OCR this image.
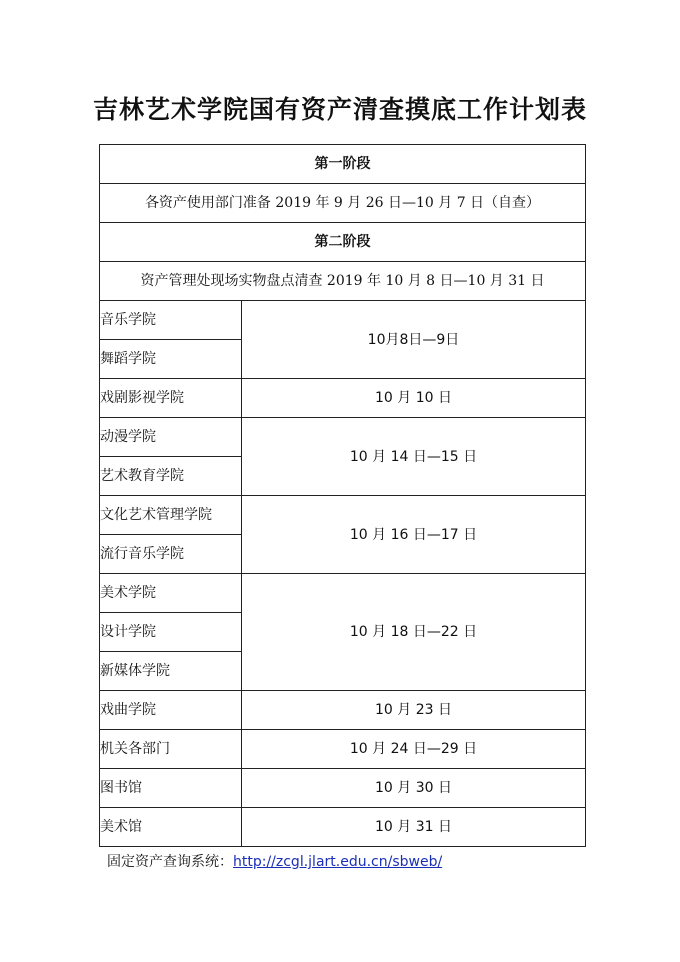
吉林艺术学院国有资产清查摸底工作计划表
第一阶段	
各资产使用部门准备 2019 年 9 月 26 日—10 月 7 日（自查）	
第二阶段	
资产管理处现场实物盘点清查 2019 年 10 月 8 日—10 月 31 日	
音乐学院	10月8日—9日
舞蹈学院	
戏剧影视学院	10 月 10 日
动漫学院	10 月 14 日—15 日
艺术教育学院	
文化艺术管理学院	10 月 16 日—17 日
流行音乐学院	
美术学院	10 月 18 日—22 日
设计学院	
新媒体学院	
戏曲学院	10 月 23 日
机关各部门	10 月 24 日—29 日
图书馆	10 月 30 日
美术馆	10 月 31 日
固定资产查询系统：http://zcgl.jlart.edu.cn/sbweb/
